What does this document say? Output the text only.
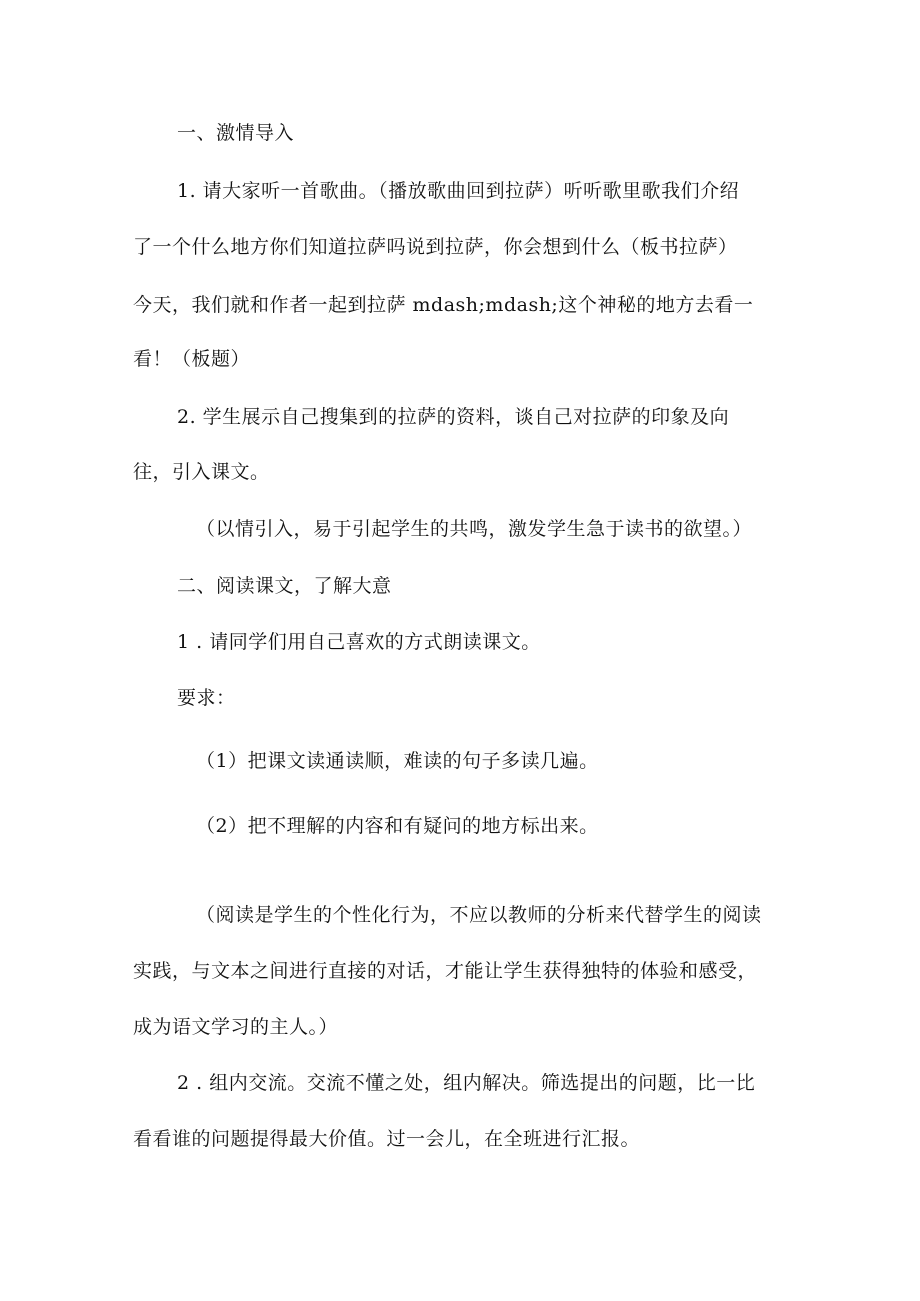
一、激情导入
1. 请大家听一首歌曲。（播放歌曲回到拉萨）听听歌里歌我们介绍
了一个什么地方你们知道拉萨吗说到拉萨，你会想到什么（板书拉萨）
今天，我们就和作者一起到拉萨 mdash;mdash;这个神秘的地方去看一
看！（板题）
2. 学生展示自己搜集到的拉萨的资料，谈自己对拉萨的印象及向
往，引入课文。
（以情引入，易于引起学生的共鸣，激发学生急于读书的欲望。）
二、阅读课文，了解大意
1 . 请同学们用自己喜欢的方式朗读课文。
要求：
（1）把课文读通读顺，难读的句子多读几遍。
（2）把不理解的内容和有疑问的地方标出来。
（阅读是学生的个性化行为，不应以教师的分析来代替学生的阅读
实践，与文本之间进行直接的对话，才能让学生获得独特的体验和感受，
成为语文学习的主人。）
2 . 组内交流。交流不懂之处，组内解决。筛选提出的问题，比一比
看看谁的问题提得最大价值。过一会儿，在全班进行汇报。
